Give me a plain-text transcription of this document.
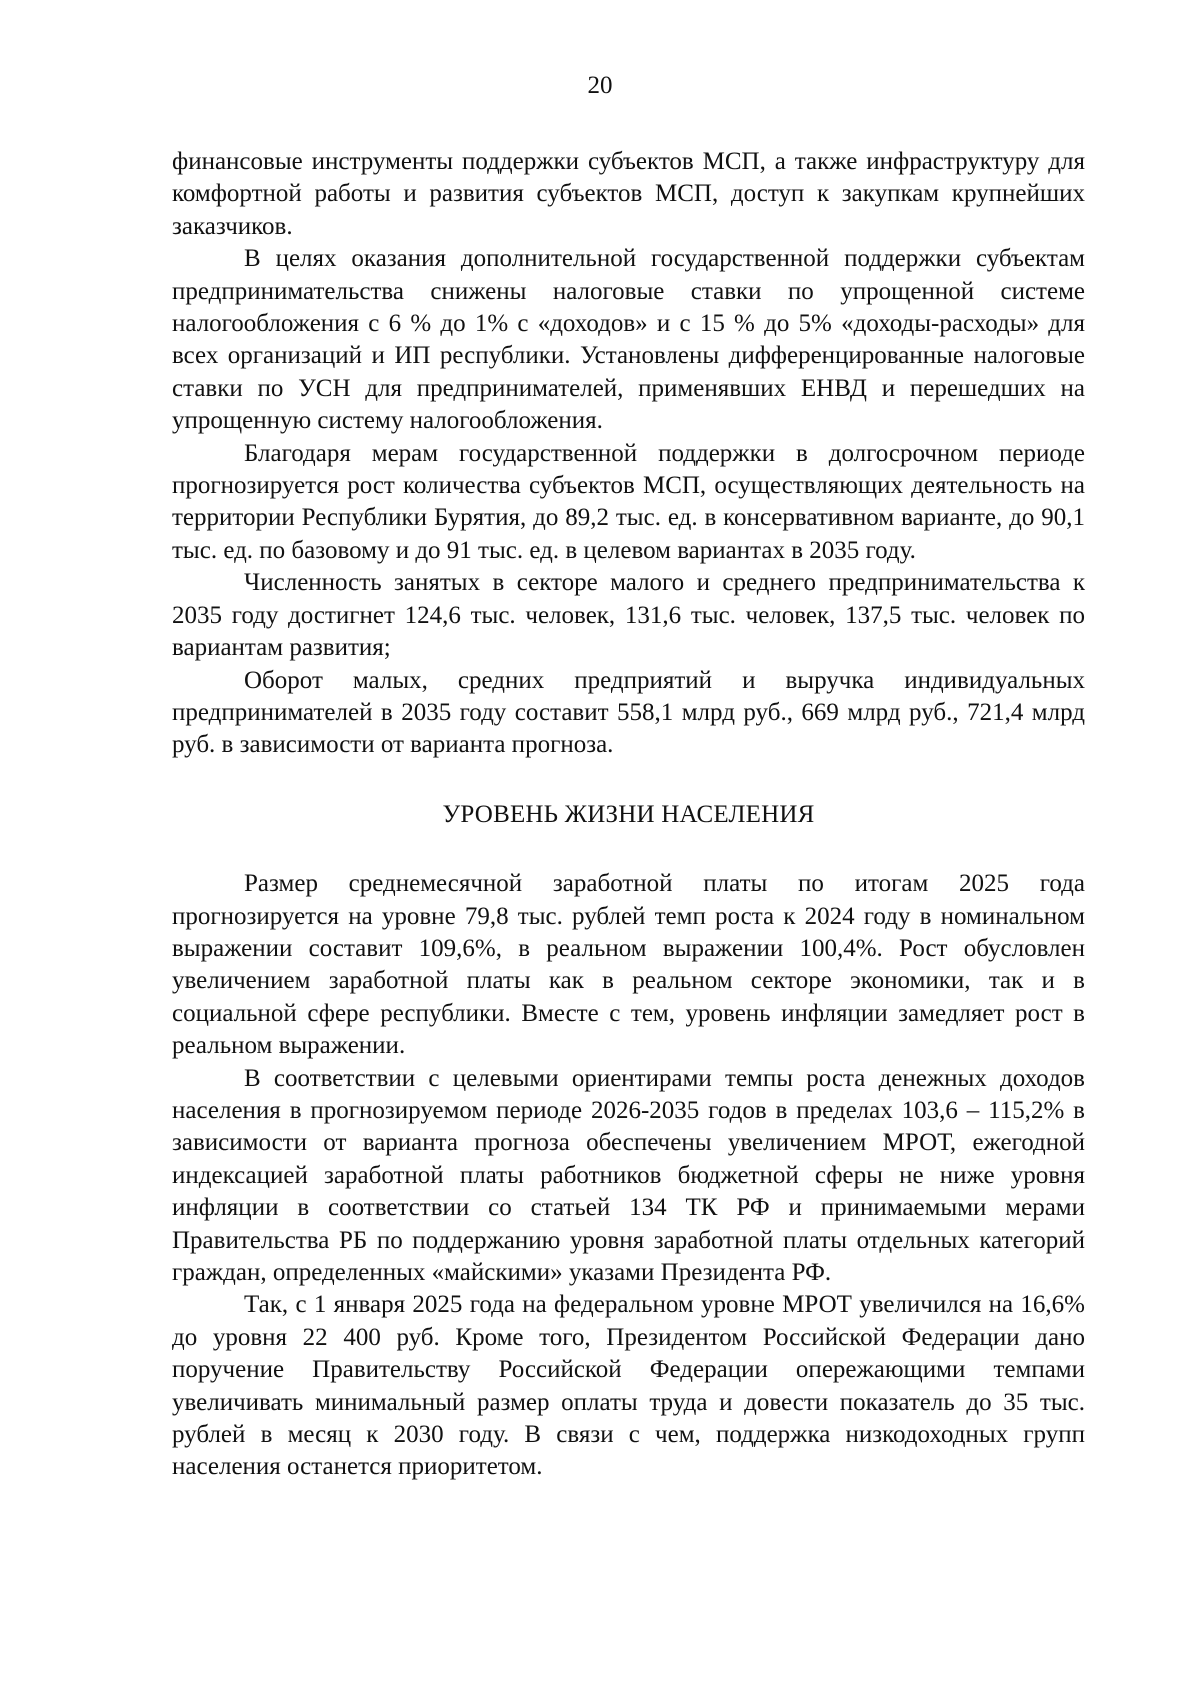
20

финансовые инструменты поддержки субъектов МСП, а также инфраструктуру для комфортной работы и развития субъектов МСП, доступ к закупкам крупнейших заказчиков.

В целях оказания дополнительной государственной поддержки субъектам предпринимательства снижены налоговые ставки по упрощенной системе налогообложения с 6 % до 1% с «доходов» и с 15 % до 5% «доходы-расходы» для всех организаций и ИП республики. Установлены дифференцированные налоговые ставки по УСН для предпринимателей, применявших ЕНВД и перешедших на упрощенную систему налогообложения.

Благодаря мерам государственной поддержки в долгосрочном периоде прогнозируется рост количества субъектов МСП, осуществляющих деятельность на территории Республики Бурятия, до 89,2 тыс. ед. в консервативном варианте, до 90,1 тыс. ед. по базовому и до 91 тыс. ед. в целевом вариантах в 2035 году.

Численность занятых в секторе малого и среднего предпринимательства к 2035 году достигнет 124,6 тыс. человек, 131,6 тыс. человек, 137,5 тыс. человек по вариантам развития;

Оборот малых, средних предприятий и выручка индивидуальных предпринимателей в 2035 году составит 558,1 млрд руб., 669 млрд руб., 721,4 млрд руб. в зависимости от варианта прогноза.

УРОВЕНЬ ЖИЗНИ НАСЕЛЕНИЯ

Размер среднемесячной заработной платы по итогам 2025 года прогнозируется на уровне 79,8 тыс. рублей темп роста к 2024 году в номинальном выражении составит 109,6%, в реальном выражении 100,4%. Рост обусловлен увеличением заработной платы как в реальном секторе экономики, так и в социальной сфере республики. Вместе с тем, уровень инфляции замедляет рост в реальном выражении.

В соответствии с целевыми ориентирами темпы роста денежных доходов населения в прогнозируемом периоде 2026-2035 годов в пределах 103,6 – 115,2% в зависимости от варианта прогноза обеспечены увеличением МРОТ, ежегодной индексацией заработной платы работников бюджетной сферы не ниже уровня инфляции в соответствии со статьей 134 ТК РФ и принимаемыми мерами Правительства РБ по поддержанию уровня заработной платы отдельных категорий граждан, определенных «майскими» указами Президента РФ.

Так, с 1 января 2025 года на федеральном уровне МРОТ увеличился на 16,6% до уровня 22 400 руб. Кроме того, Президентом Российской Федерации дано поручение Правительству Российской Федерации опережающими темпами увеличивать минимальный размер оплаты труда и довести показатель до 35 тыс. рублей в месяц к 2030 году. В связи с чем, поддержка низкодоходных групп населения останется приоритетом.
